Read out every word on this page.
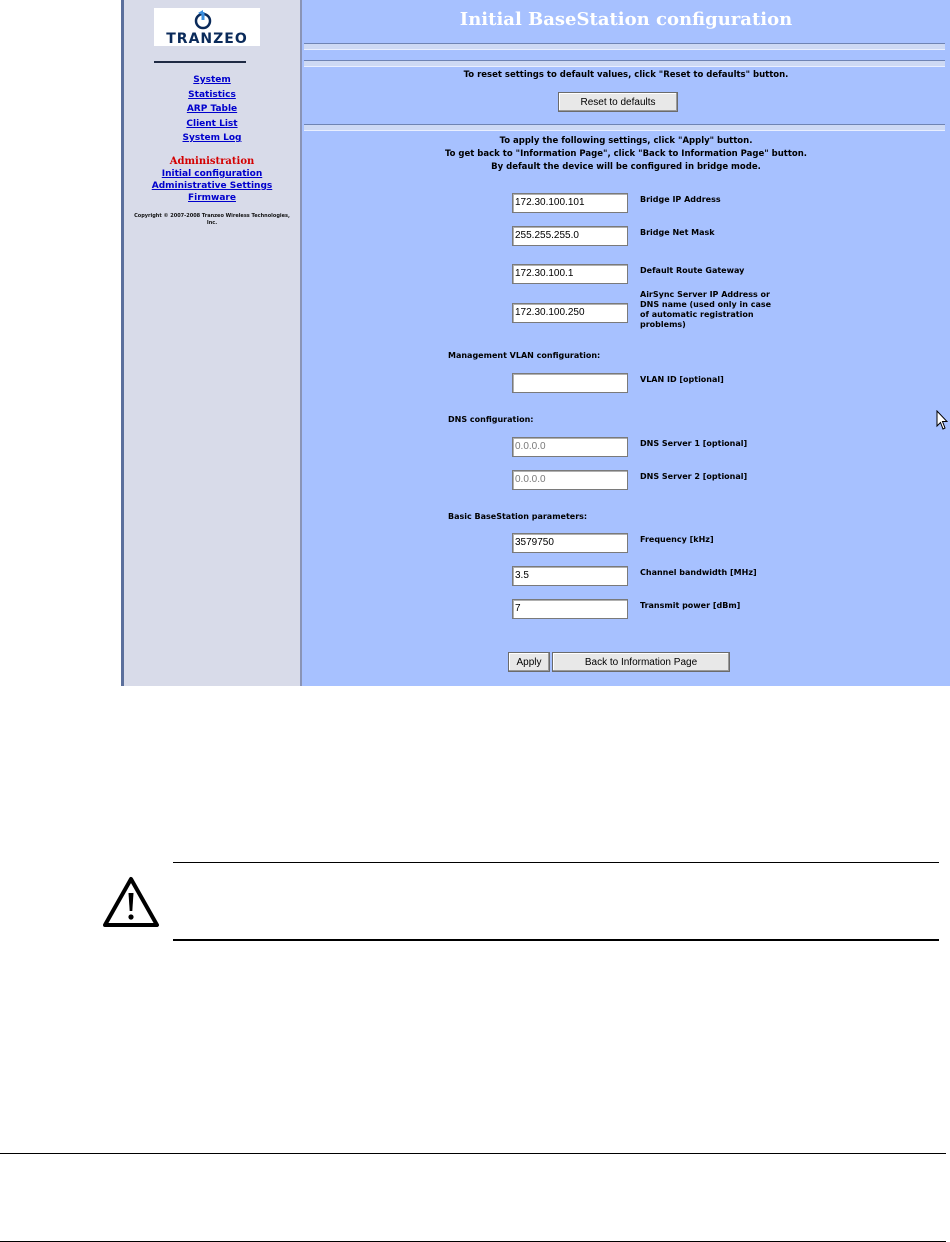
TRANZEO
System
Statistics
ARP Table
Client List
System Log
Administration
Initial configuration
Administrative Settings
Firmware
Copyright © 2007-2008 Tranzeo Wireless Technologies, Inc.
Initial BaseStation configuration
To reset settings to default values, click "Reset to defaults" button.
Reset to defaults
To apply the following settings, click "Apply" button.
To get back to "Information Page", click "Back to Information Page" button.
By default the device will be configured in bridge mode.
172.30.100.101	Bridge IP Address
255.255.255.0	Bridge Net Mask
172.30.100.1	Default Route Gateway
172.30.100.250
AirSync Server IP Address or DNS name (used only in case of automatic registration problems)
Management VLAN configuration:
VLAN ID [optional]
DNS configuration:
0.0.0.0	DNS Server 1 [optional]
0.0.0.0	DNS Server 2 [optional]
Basic BaseStation parameters:
3579750	Frequency [kHz]
3.5	Channel bandwidth [MHz]
7	Transmit power [dBm]
Apply	Back to Information Page
